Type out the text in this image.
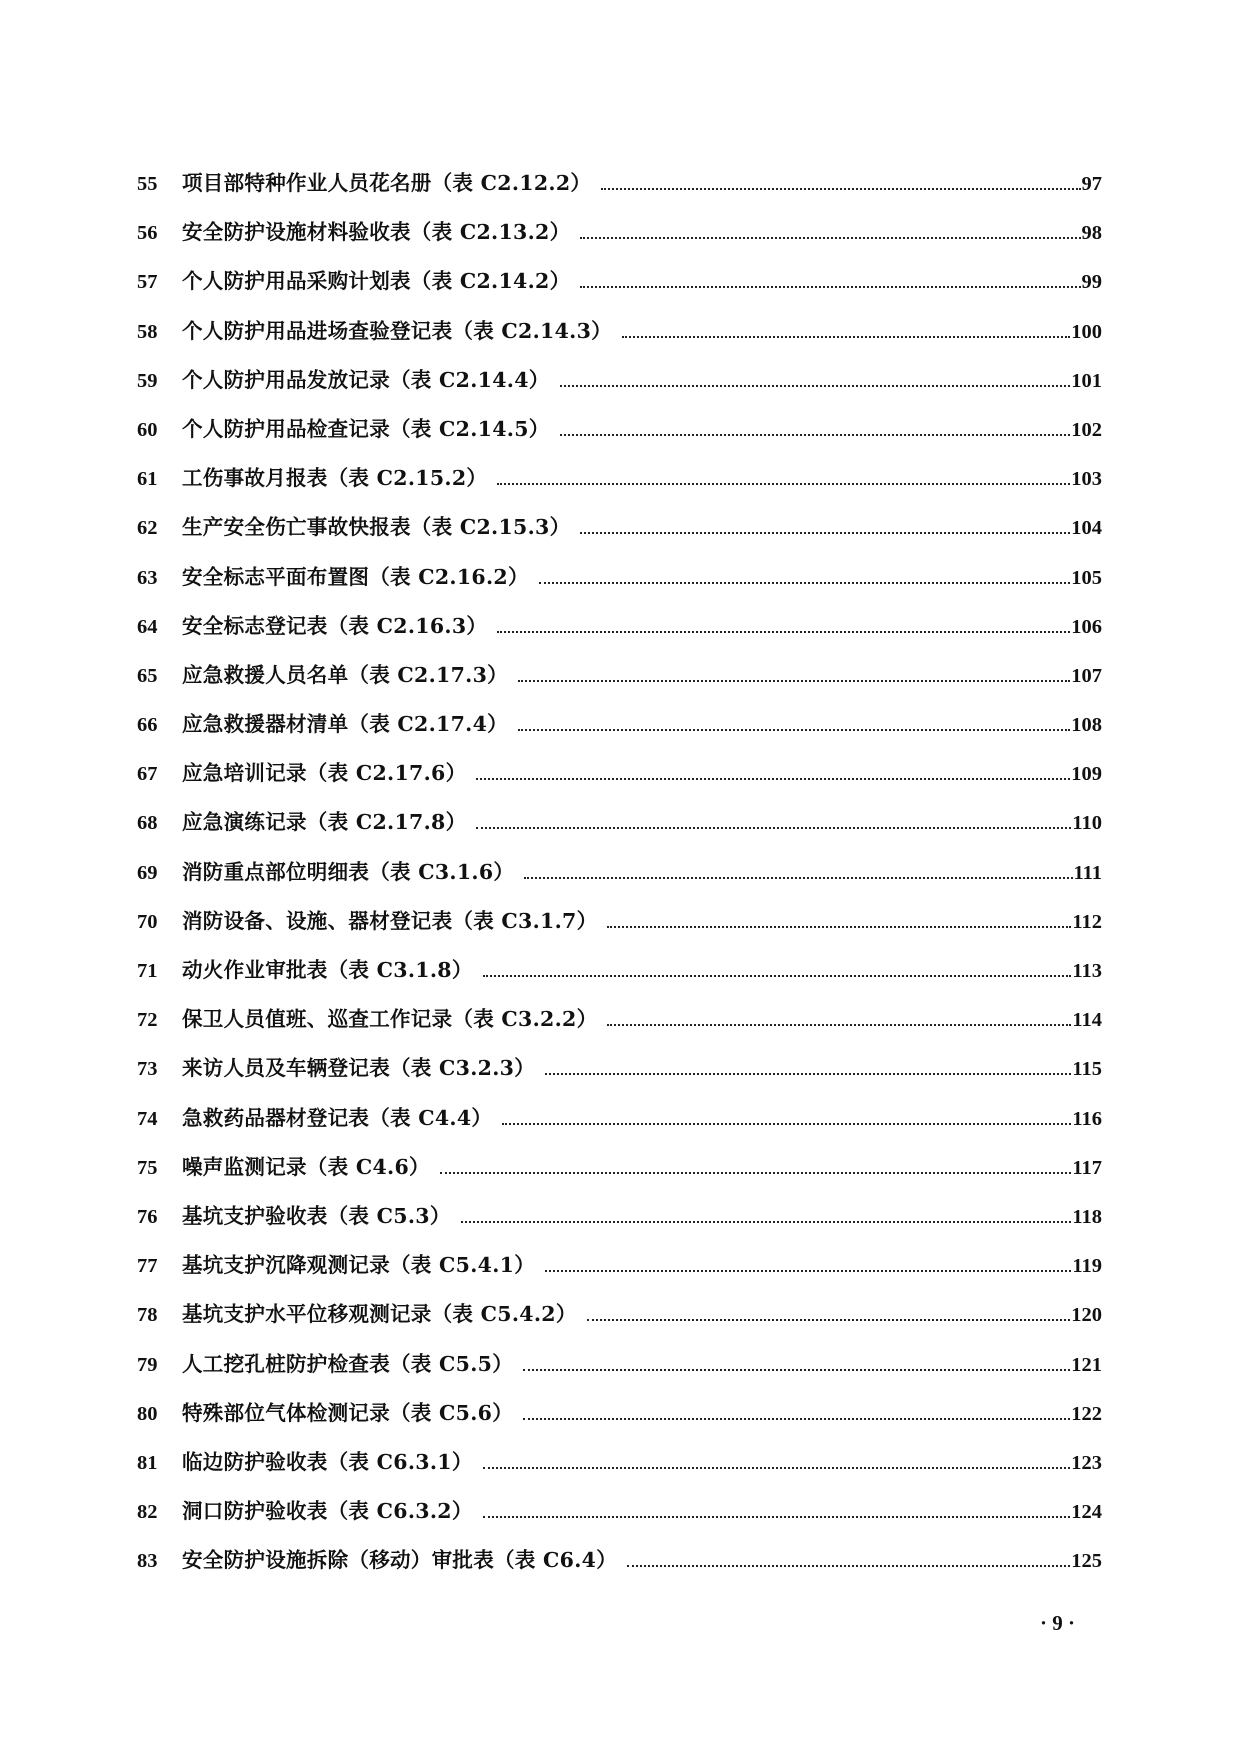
55	项目部特种作业人员花名册（表 C2.12.2）	97
56	安全防护设施材料验收表（表 C2.13.2）	98
57	个人防护用品采购计划表（表 C2.14.2）	99
58	个人防护用品进场查验登记表（表 C2.14.3）	100
59	个人防护用品发放记录（表 C2.14.4）	101
60	个人防护用品检查记录（表 C2.14.5）	102
61	工伤事故月报表（表 C2.15.2）	103
62	生产安全伤亡事故快报表（表 C2.15.3）	104
63	安全标志平面布置图（表 C2.16.2）	105
64	安全标志登记表（表 C2.16.3）	106
65	应急救援人员名单（表 C2.17.3）	107
66	应急救援器材清单（表 C2.17.4）	108
67	应急培训记录（表 C2.17.6）	109
68	应急演练记录（表 C2.17.8）	110
69	消防重点部位明细表（表 C3.1.6）	111
70	消防设备、设施、器材登记表（表 C3.1.7）	112
71	动火作业审批表（表 C3.1.8）	113
72	保卫人员值班、巡查工作记录（表 C3.2.2）	114
73	来访人员及车辆登记表（表 C3.2.3）	115
74	急救药品器材登记表（表 C4.4）	116
75	噪声监测记录（表 C4.6）	117
76	基坑支护验收表（表 C5.3）	118
77	基坑支护沉降观测记录（表 C5.4.1）	119
78	基坑支护水平位移观测记录（表 C5.4.2）	120
79	人工挖孔桩防护检查表（表 C5.5）	121
80	特殊部位气体检测记录（表 C5.6）	122
81	临边防护验收表（表 C6.3.1）	123
82	洞口防护验收表（表 C6.3.2）	124
83	安全防护设施拆除（移动）审批表（表 C6.4）	125
· 9 ·
